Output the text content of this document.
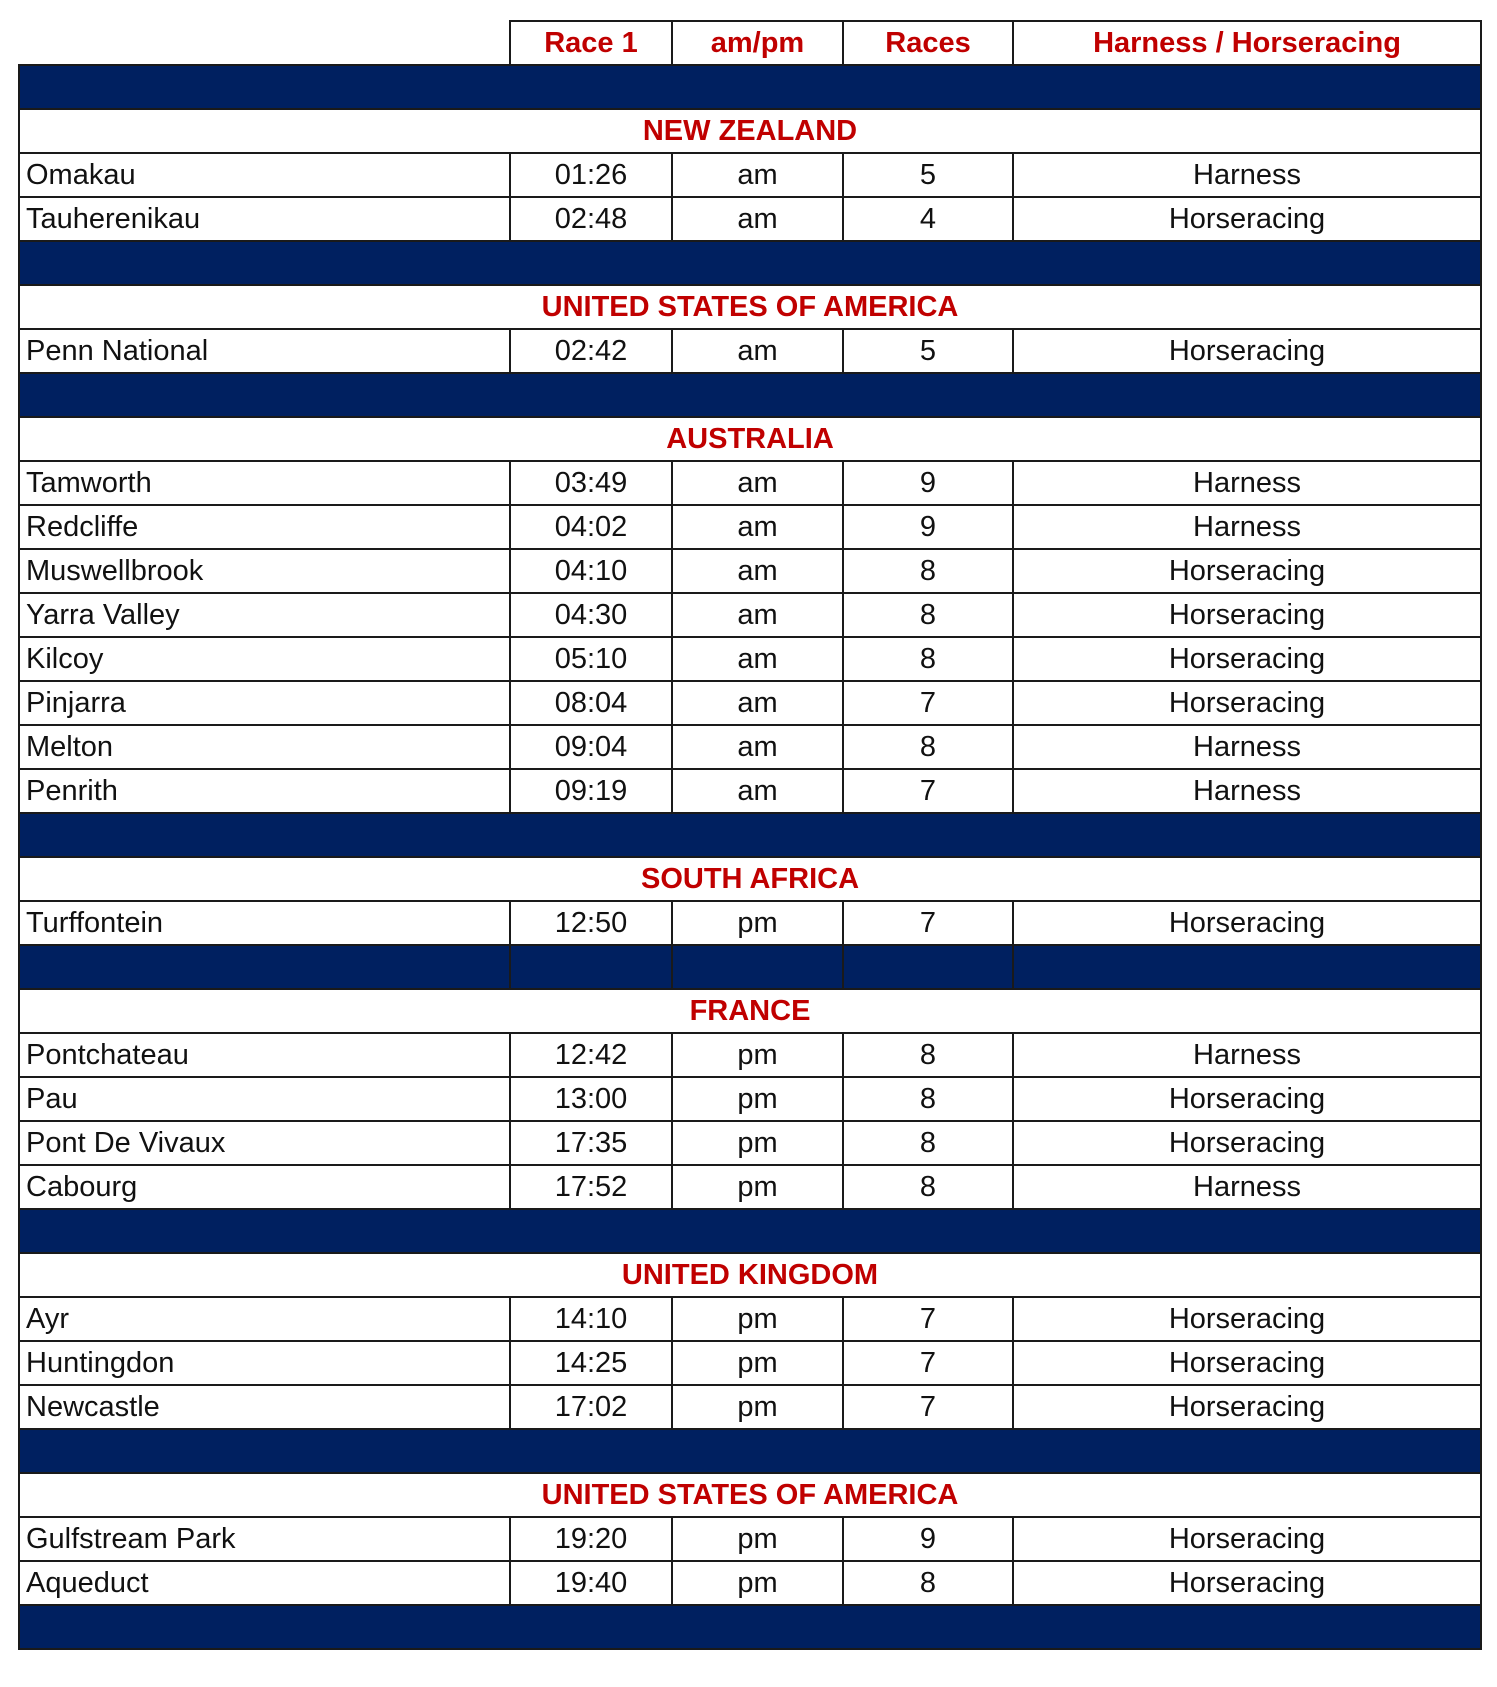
	Race 1	am/pm	Races	Harness / Horseracing

NEW ZEALAND				
Omakau	01:26	am	5	Harness
Tauherenikau	02:48	am	4	Horseracing

UNITED STATES OF AMERICA				
Penn National	02:42	am	5	Horseracing

AUSTRALIA				
Tamworth	03:49	am	9	Harness
Redcliffe	04:02	am	9	Harness
Muswellbrook	04:10	am	8	Horseracing
Yarra Valley	04:30	am	8	Horseracing
Kilcoy	05:10	am	8	Horseracing
Pinjarra	08:04	am	7	Horseracing
Melton	09:04	am	8	Harness
Penrith	09:19	am	7	Harness

SOUTH AFRICA				
Turffontein	12:50	pm	7	Horseracing

FRANCE				
Pontchateau	12:42	pm	8	Harness
Pau	13:00	pm	8	Horseracing
Pont De Vivaux	17:35	pm	8	Horseracing
Cabourg	17:52	pm	8	Harness

UNITED KINGDOM				
Ayr	14:10	pm	7	Horseracing
Huntingdon	14:25	pm	7	Horseracing
Newcastle	17:02	pm	7	Horseracing

UNITED STATES OF AMERICA				
Gulfstream Park	19:20	pm	9	Horseracing
Aqueduct	19:40	pm	8	Horseracing
